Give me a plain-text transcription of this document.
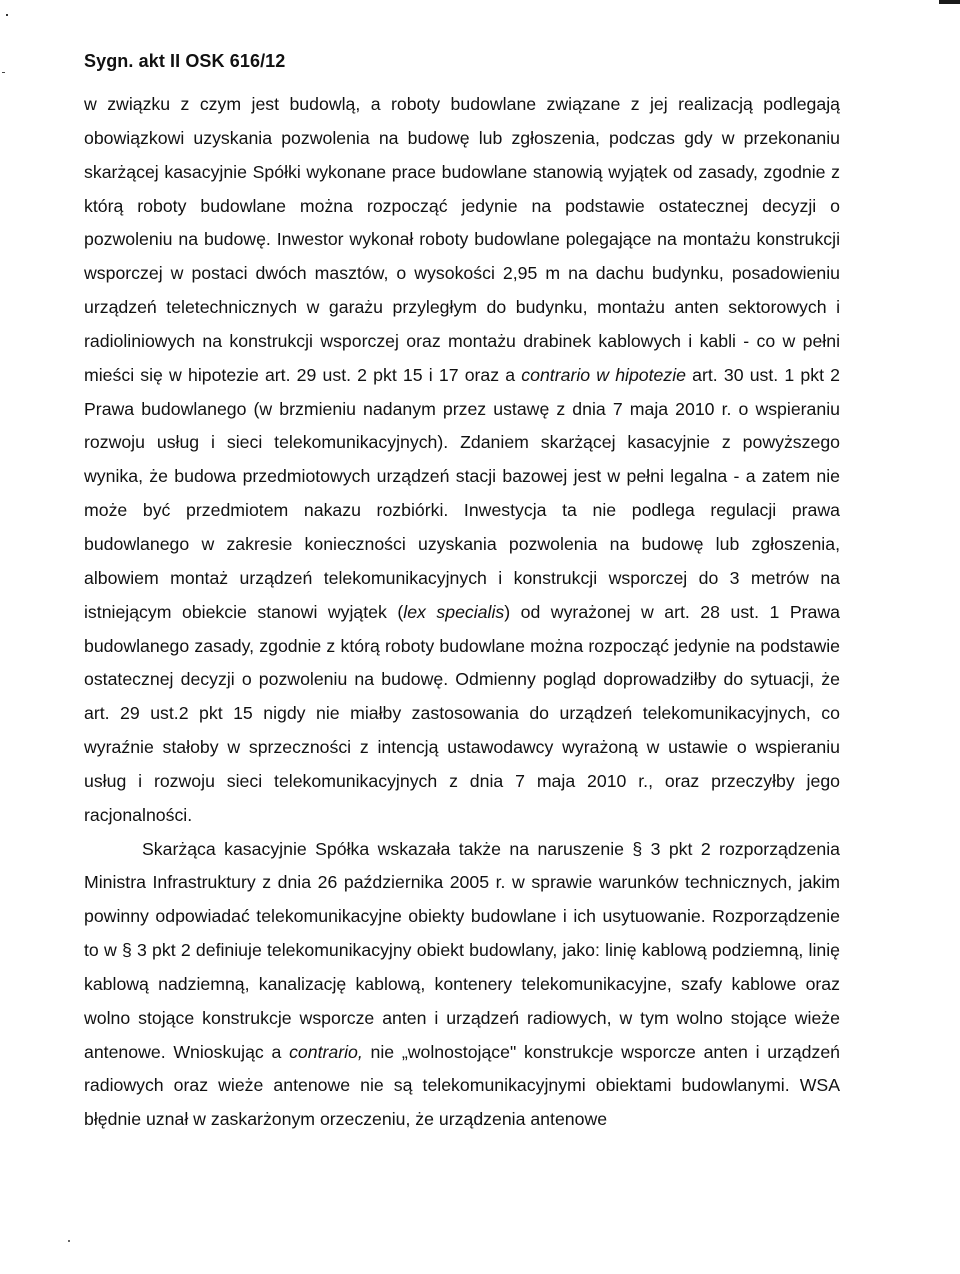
Sygn. akt II OSK 616/12

w związku z czym jest budowlą, a roboty budowlane związane z jej realizacją podlegają obowiązkowi uzyskania pozwolenia na budowę lub zgłoszenia, podczas gdy w przekonaniu skarżącej kasacyjnie Spółki wykonane prace budowlane stanowią wyjątek od zasady, zgodnie z którą roboty budowlane można rozpocząć jedynie na podstawie ostatecznej decyzji o pozwoleniu na budowę. Inwestor wykonał roboty budowlane polegające na montażu konstrukcji wsporczej w postaci dwóch masztów, o wysokości 2,95 m na dachu budynku, posadowieniu urządzeń teletechnicznych w garażu przyległym do budynku, montażu anten sektorowych i radioliniowych na konstrukcji wsporczej oraz montażu drabinek kablowych i kabli - co w pełni mieści się w hipotezie art. 29 ust. 2 pkt 15 i 17 oraz a contrario w hipotezie art. 30 ust. 1 pkt 2 Prawa budowlanego (w brzmieniu nadanym przez ustawę z dnia 7 maja 2010 r. o wspieraniu rozwoju usług i sieci telekomunikacyjnych). Zdaniem skarżącej kasacyjnie z powyższego wynika, że budowa przedmiotowych urządzeń stacji bazowej jest w pełni legalna - a zatem nie może być przedmiotem nakazu rozbiórki. Inwestycja ta nie podlega regulacji prawa budowlanego w zakresie konieczności uzyskania pozwolenia na budowę lub zgłoszenia, albowiem montaż urządzeń telekomunikacyjnych i konstrukcji wsporczej do 3 metrów na istniejącym obiekcie stanowi wyjątek (lex specialis) od wyrażonej w art. 28 ust. 1 Prawa budowlanego zasady, zgodnie z którą roboty budowlane można rozpocząć jedynie na podstawie ostatecznej decyzji o pozwoleniu na budowę. Odmienny pogląd doprowadziłby do sytuacji, że art. 29 ust.2 pkt 15 nigdy nie miałby zastosowania do urządzeń telekomunikacyjnych, co wyraźnie stałoby w sprzeczności z intencją ustawodawcy wyrażoną w ustawie o wspieraniu usług i rozwoju sieci telekomunikacyjnych z dnia 7 maja 2010 r., oraz przeczyłby jego racjonalności.

Skarżąca kasacyjnie Spółka wskazała także na naruszenie § 3 pkt 2 rozporządzenia Ministra Infrastruktury z dnia 26 października 2005 r. w sprawie warunków technicznych, jakim powinny odpowiadać telekomunikacyjne obiekty budowlane i ich usytuowanie. Rozporządzenie to w § 3 pkt 2 definiuje telekomunikacyjny obiekt budowlany, jako: linię kablową podziemną, linię kablową nadziemną, kanalizację kablową, kontenery telekomunikacyjne, szafy kablowe oraz wolno stojące konstrukcje wsporcze anten i urządzeń radiowych, w tym wolno stojące wieże antenowe. Wnioskując a contrario, nie „wolnostojące" konstrukcje wsporcze anten i urządzeń radiowych oraz wieże antenowe nie są telekomunikacyjnymi obiektami budowlanymi. WSA błędnie uznał w zaskarżonym orzeczeniu, że urządzenia antenowe
